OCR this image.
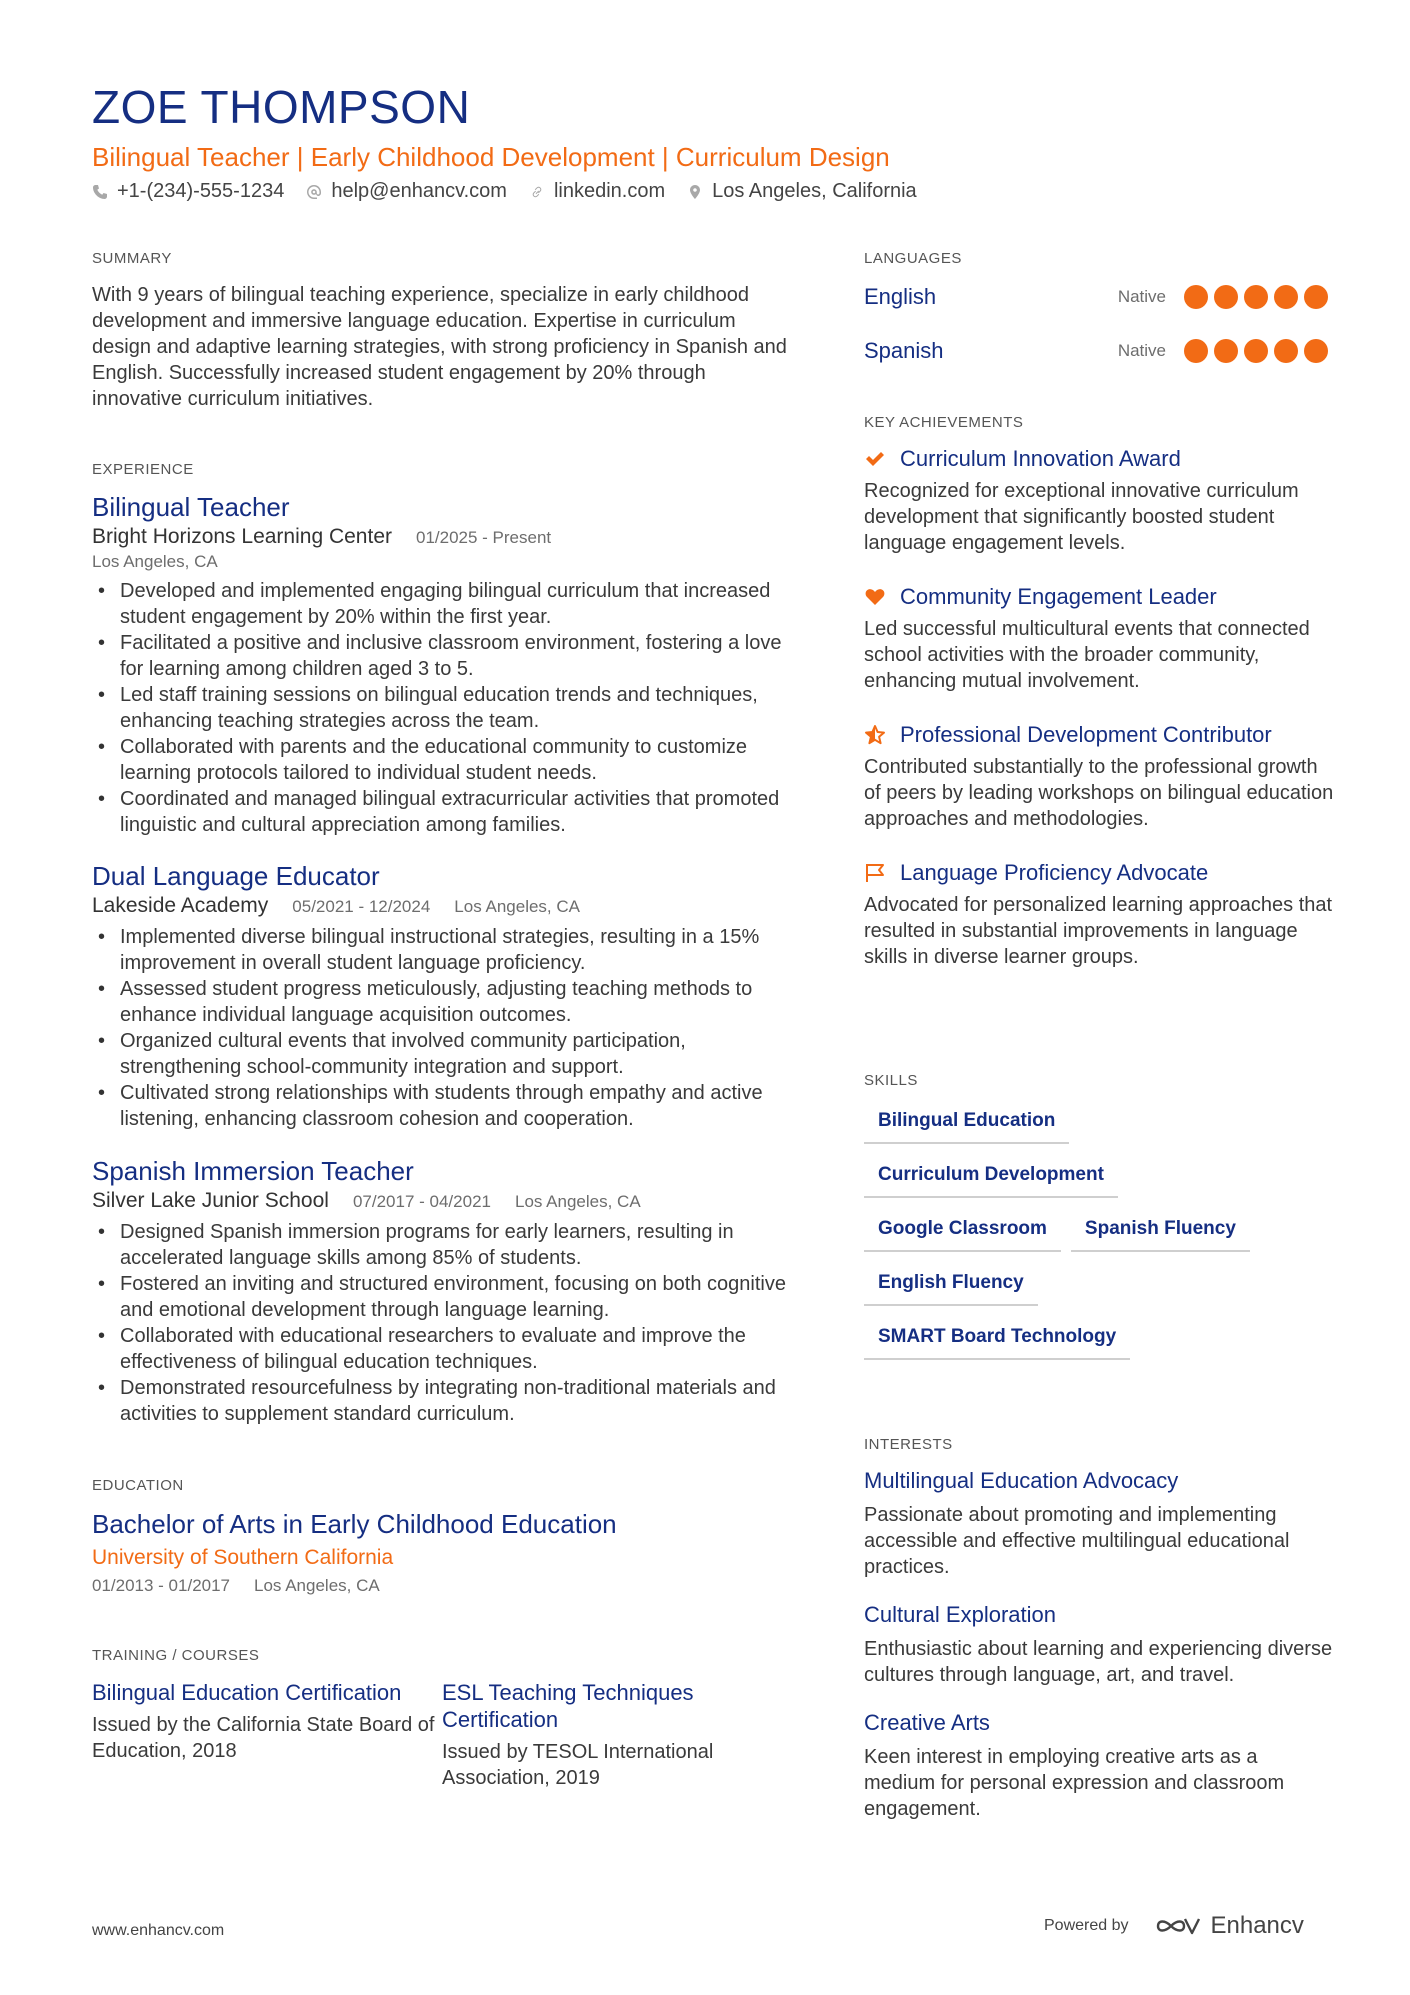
ZOE THOMPSON
Bilingual Teacher | Early Childhood Development | Curriculum Design
+1-(234)-555-1234 help@enhancv.com linkedin.com Los Angeles, California
SUMMARY
With 9 years of bilingual teaching experience, specialize in early childhood development and immersive language education. Expertise in curriculum design and adaptive learning strategies, with strong proficiency in Spanish and English. Successfully increased student engagement by 20% through innovative curriculum initiatives.
EXPERIENCE
Bilingual Teacher
Bright Horizons Learning Center 01/2025 - Present
Los Angeles, CA
• Developed and implemented engaging bilingual curriculum that increased student engagement by 20% within the first year.
• Facilitated a positive and inclusive classroom environment, fostering a love for learning among children aged 3 to 5.
• Led staff training sessions on bilingual education trends and techniques, enhancing teaching strategies across the team.
• Collaborated with parents and the educational community to customize learning protocols tailored to individual student needs.
• Coordinated and managed bilingual extracurricular activities that promoted linguistic and cultural appreciation among families.
Dual Language Educator
Lakeside Academy 05/2021 - 12/2024 Los Angeles, CA
• Implemented diverse bilingual instructional strategies, resulting in a 15% improvement in overall student language proficiency.
• Assessed student progress meticulously, adjusting teaching methods to enhance individual language acquisition outcomes.
• Organized cultural events that involved community participation, strengthening school-community integration and support.
• Cultivated strong relationships with students through empathy and active listening, enhancing classroom cohesion and cooperation.
Spanish Immersion Teacher
Silver Lake Junior School 07/2017 - 04/2021 Los Angeles, CA
• Designed Spanish immersion programs for early learners, resulting in accelerated language skills among 85% of students.
• Fostered an inviting and structured environment, focusing on both cognitive and emotional development through language learning.
• Collaborated with educational researchers to evaluate and improve the effectiveness of bilingual education techniques.
• Demonstrated resourcefulness by integrating non-traditional materials and activities to supplement standard curriculum.
EDUCATION
Bachelor of Arts in Early Childhood Education
University of Southern California
01/2013 - 01/2017 Los Angeles, CA
TRAINING / COURSES
Bilingual Education Certification
Issued by the California State Board of Education, 2018
ESL Teaching Techniques Certification
Issued by TESOL International Association, 2019
LANGUAGES
English	Native
Spanish	Native
KEY ACHIEVEMENTS
Curriculum Innovation Award
Recognized for exceptional innovative curriculum development that significantly boosted student language engagement levels.
Community Engagement Leader
Led successful multicultural events that connected school activities with the broader community, enhancing mutual involvement.
Professional Development Contributor
Contributed substantially to the professional growth of peers by leading workshops on bilingual education approaches and methodologies.
Language Proficiency Advocate
Advocated for personalized learning approaches that resulted in substantial improvements in language skills in diverse learner groups.
SKILLS
Bilingual Education
Curriculum Development
Google Classroom	Spanish Fluency
English Fluency
SMART Board Technology
INTERESTS
Multilingual Education Advocacy
Passionate about promoting and implementing accessible and effective multilingual educational practices.
Cultural Exploration
Enthusiastic about learning and experiencing diverse cultures through language, art, and travel.
Creative Arts
Keen interest in employing creative arts as a medium for personal expression and classroom engagement.
www.enhancv.com	Powered by	Enhancv
